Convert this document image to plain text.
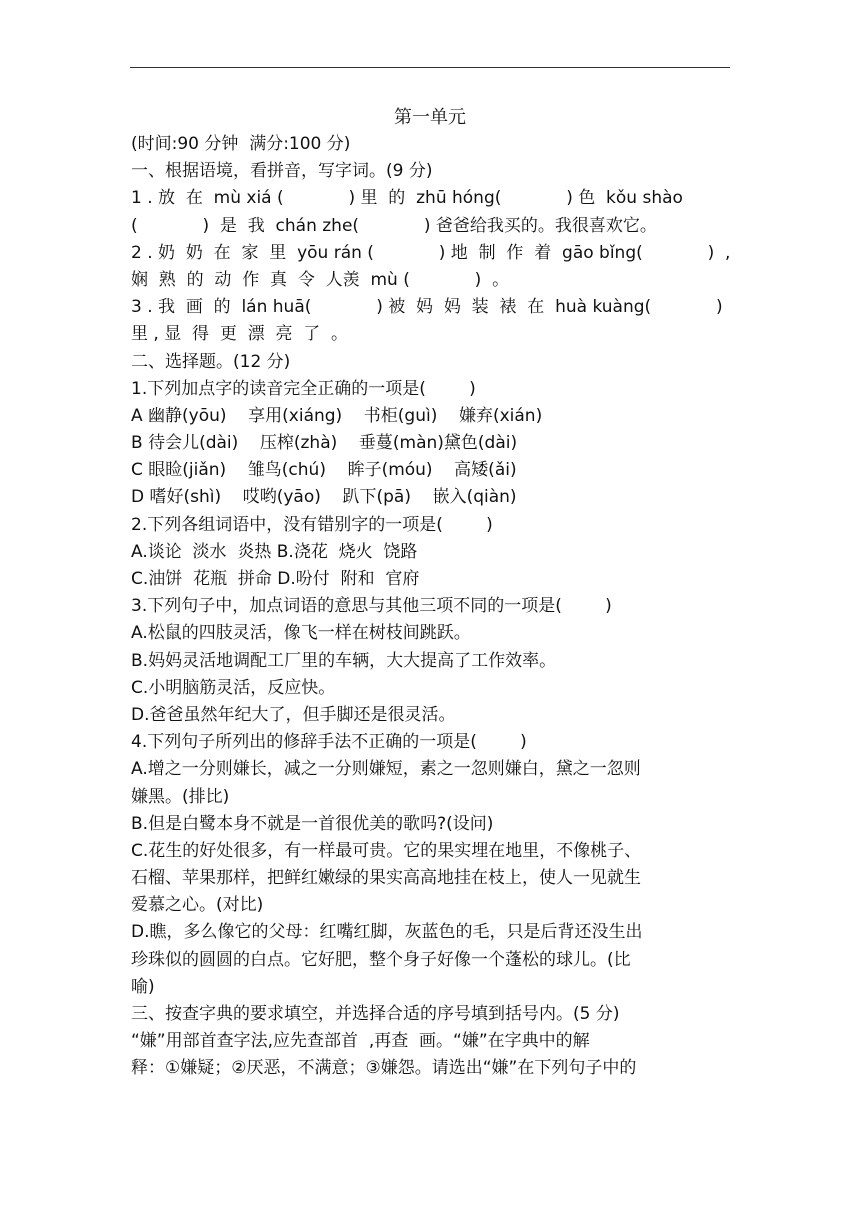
第一单元
(时间:90 分钟  满分:100 分)
一、根据语境，看拼音，写字词。(9 分)
1 . 放  在  mù xiá (            ) 里  的  zhū hóng(            ) 色  kǒu shào
(            )  是  我  chán zhe(            ) 爸爸给我买的。我很喜欢它。
2 . 奶  奶  在  家  里  yōu rán (            ) 地  制  作  着  gāo bǐng(            )  ,
娴  熟  的  动  作  真  令  人羡  mù (            )  。
3 . 我  画  的  lán huā(            ) 被  妈  妈  装  裱  在  huà kuàng(            )
里 , 显  得  更  漂  亮  了  。
二、选择题。(12 分)
1.下列加点字的读音完全正确的一项是(        )
A 幽静(yōu)    享用(xiáng)    书柜(guì)    嫌弃(xián)
B 待会儿(dài)    压榨(zhà)    垂蔓(màn)黛色(dài)
C 眼睑(jiǎn)    雏鸟(chú)    眸子(móu)    高矮(ǎi)
D 嗜好(shì)    哎哟(yāo)    趴下(pā)    嵌入(qiàn)
2.下列各组词语中，没有错别字的一项是(        )
A.谈论  淡水  炎热 B.浇花  烧火  饶路
C.油饼  花瓶  拼命 D.吩付  附和  官府
3.下列句子中，加点词语的意思与其他三项不同的一项是(        )
A.松鼠的四肢灵活，像飞一样在树枝间跳跃。
B.妈妈灵活地调配工厂里的车辆，大大提高了工作效率。
C.小明脑筋灵活，反应快。
D.爸爸虽然年纪大了，但手脚还是很灵活。
4.下列句子所列出的修辞手法不正确的一项是(        )
A.增之一分则嫌长，减之一分则嫌短，素之一忽则嫌白，黛之一忽则
嫌黑。(排比)
B.但是白鹭本身不就是一首很优美的歌吗?(设问)
C.花生的好处很多，有一样最可贵。它的果实埋在地里，不像桃子、
石榴、苹果那样，把鲜红嫩绿的果实高高地挂在枝上，使人一见就生
爱慕之心。(对比)
D.瞧，多么像它的父母：红嘴红脚，灰蓝色的毛，只是后背还没生出
珍珠似的圆圆的白点。它好肥，整个身子好像一个蓬松的球儿。(比
喻)
三、按查字典的要求填空，并选择合适的序号填到括号内。(5 分)
“嫌”用部首查字法,应先查部首  ,再查  画。“嫌”在字典中的解
释：①嫌疑；②厌恶，不满意；③嫌怨。请选出“嫌”在下列句子中的
